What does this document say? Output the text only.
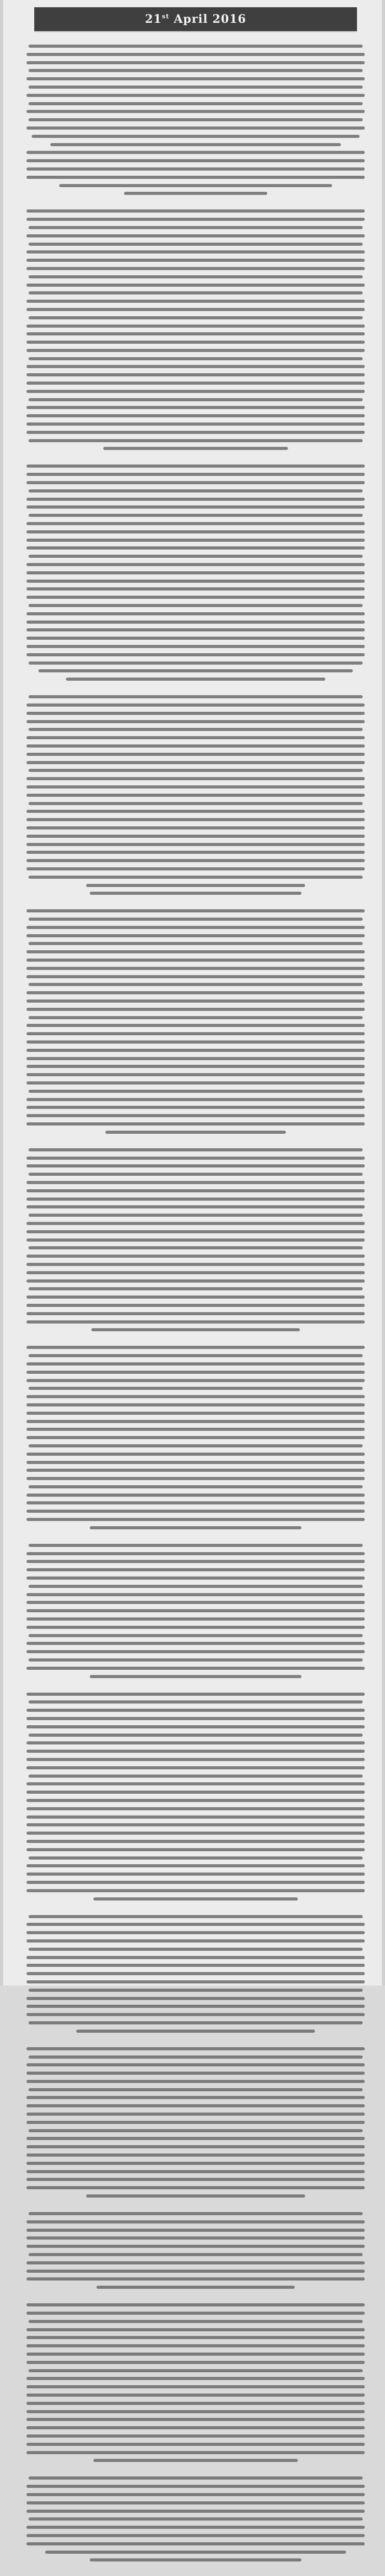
21st April 2016
